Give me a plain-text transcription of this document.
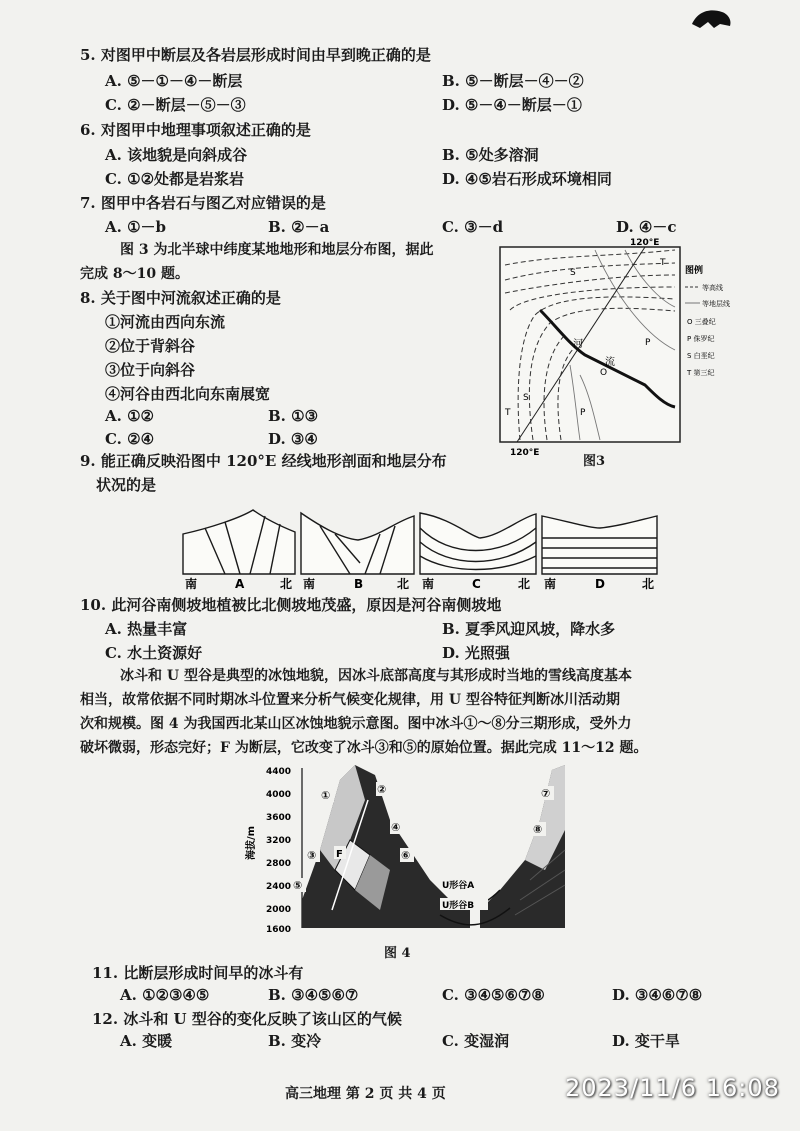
5. 对图甲中断层及各岩层形成时间由早到晚正确的是
A. ⑤－①－④－断层	B. ⑤－断层－④－②
C. ②－断层－⑤－③	D. ⑤－④－断层－①
6. 对图甲中地理事项叙述正确的是
A. 该地貌是向斜成谷	B. ⑤处多溶洞
C. ①②处都是岩浆岩	D. ④⑤岩石形成环境相同
7. 图甲中各岩石与图乙对应错误的是
A. ①－b	B. ②－a	C. ③－d	D. ④－c
图 3 为北半球中纬度某地地形和地层分布图，据此
完成 8～10 题。
8. 关于图中河流叙述正确的是
①河流由西向东流
②位于背斜谷
③位于向斜谷
④河谷由西北向东南展宽
A. ①②	B. ①③
C. ②④	D. ③④
河
流
120°E
120°E
S
T
P
O
S
P
T
图例
等高线
等地层线
O 三叠纪
P 侏罗纪
S 白垩纪
T 第三纪
图3
9. 能正确反映沿图中 120°E 经线地形剖面和地层分布
状况的是
南	A	北 南	B	北 南	C	北 南	D	北
10. 此河谷南侧坡地植被比北侧坡地茂盛，原因是河谷南侧坡地
A. 热量丰富	B. 夏季风迎风坡，降水多
C. 水土资源好	D. 光照强
冰斗和 U 型谷是典型的冰蚀地貌，因冰斗底部高度与其形成时当地的雪线高度基本
相当，故常依据不同时期冰斗位置来分析气候变化规律，用 U 型谷特征判断冰川活动期
次和规模。图 4 为我国西北某山区冰蚀地貌示意图。图中冰斗①～⑧分三期形成，受外力
破坏微弱，形态完好；F 为断层，它改变了冰斗③和⑤的原始位置。据此完成 11～12 题。
海拔/m
4400
4000
3600
3200
2800
2400
2000
1600
U形谷A
U形谷B
①	②
③
④
⑤
⑥
⑦
⑧
F
图 4
11. 比断层形成时间早的冰斗有
A. ①②③④⑤	B. ③④⑤⑥⑦	C. ③④⑤⑥⑦⑧	D. ③④⑥⑦⑧
12. 冰斗和 U 型谷的变化反映了该山区的气候
A. 变暖	B. 变冷	C. 变湿润	D. 变干旱
高三地理 第 2 页 共 4 页	2023/11/6 16:08
